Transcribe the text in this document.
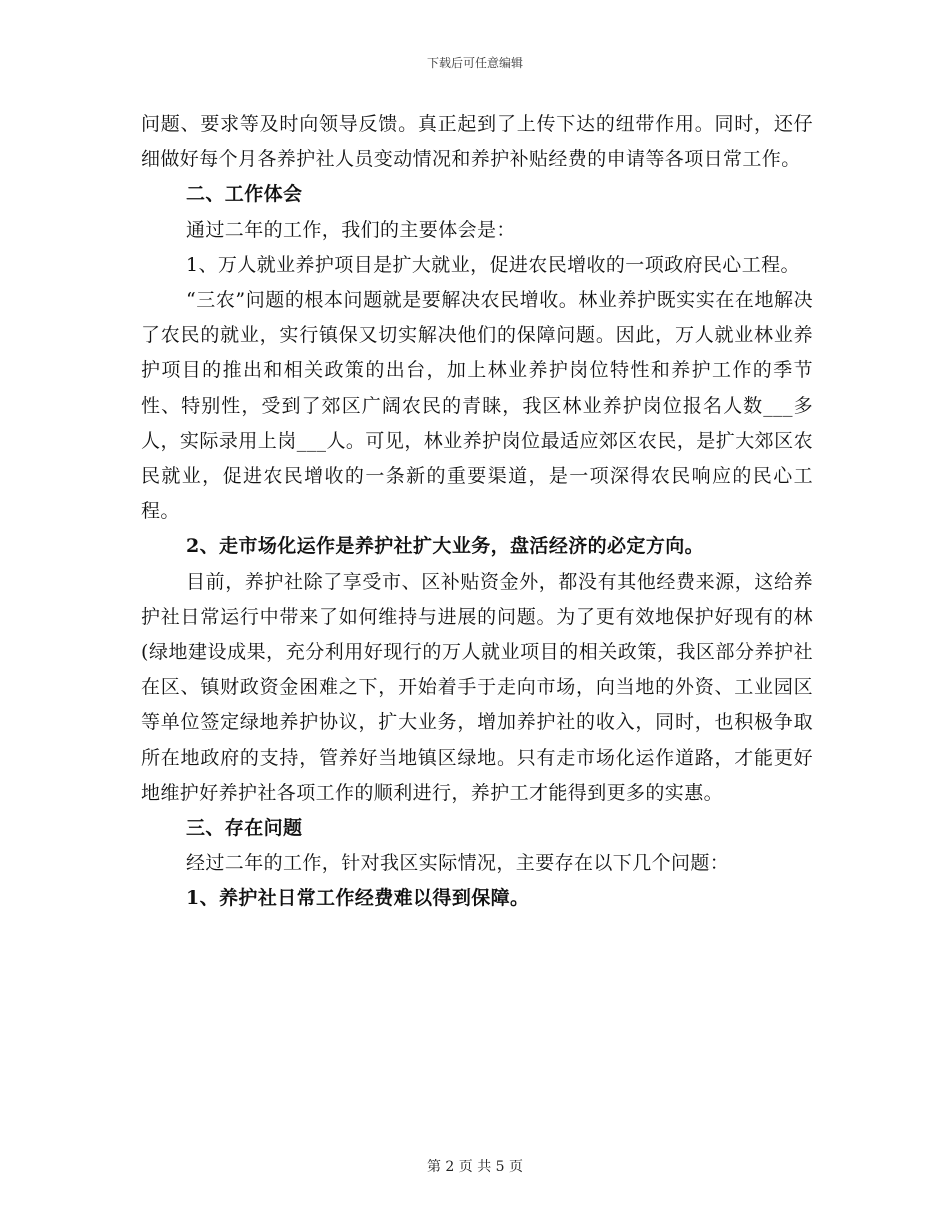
下载后可任意编辑

问题、要求等及时向领导反馈。真正起到了上传下达的纽带作用。同时，还仔细做好每个月各养护社人员变动情况和养护补贴经费的申请等各项日常工作。

二、工作体会

通过二年的工作，我们的主要体会是：

1、万人就业养护项目是扩大就业，促进农民增收的一项政府民心工程。

“三农”问题的根本问题就是要解决农民增收。林业养护既实实在在地解决了农民的就业，实行镇保又切实解决他们的保障问题。因此，万人就业林业养护项目的推出和相关政策的出台，加上林业养护岗位特性和养护工作的季节性、特别性，受到了郊区广阔农民的青睐，我区林业养护岗位报名人数___多人，实际录用上岗___人。可见，林业养护岗位最适应郊区农民，是扩大郊区农民就业，促进农民增收的一条新的重要渠道，是一项深得农民响应的民心工程。

2、走市场化运作是养护社扩大业务，盘活经济的必定方向。

目前，养护社除了享受市、区补贴资金外，都没有其他经费来源，这给养护社日常运行中带来了如何维持与进展的问题。为了更有效地保护好现有的林(绿地建设成果，充分利用好现行的万人就业项目的相关政策，我区部分养护社在区、镇财政资金困难之下，开始着手于走向市场，向当地的外资、工业园区等单位签定绿地养护协议，扩大业务，增加养护社的收入，同时，也积极争取所在地政府的支持，管养好当地镇区绿地。只有走市场化运作道路，才能更好地维护好养护社各项工作的顺利进行，养护工才能得到更多的实惠。

三、存在问题

经过二年的工作，针对我区实际情况，主要存在以下几个问题：

1、养护社日常工作经费难以得到保障。

第 2 页 共 5 页
